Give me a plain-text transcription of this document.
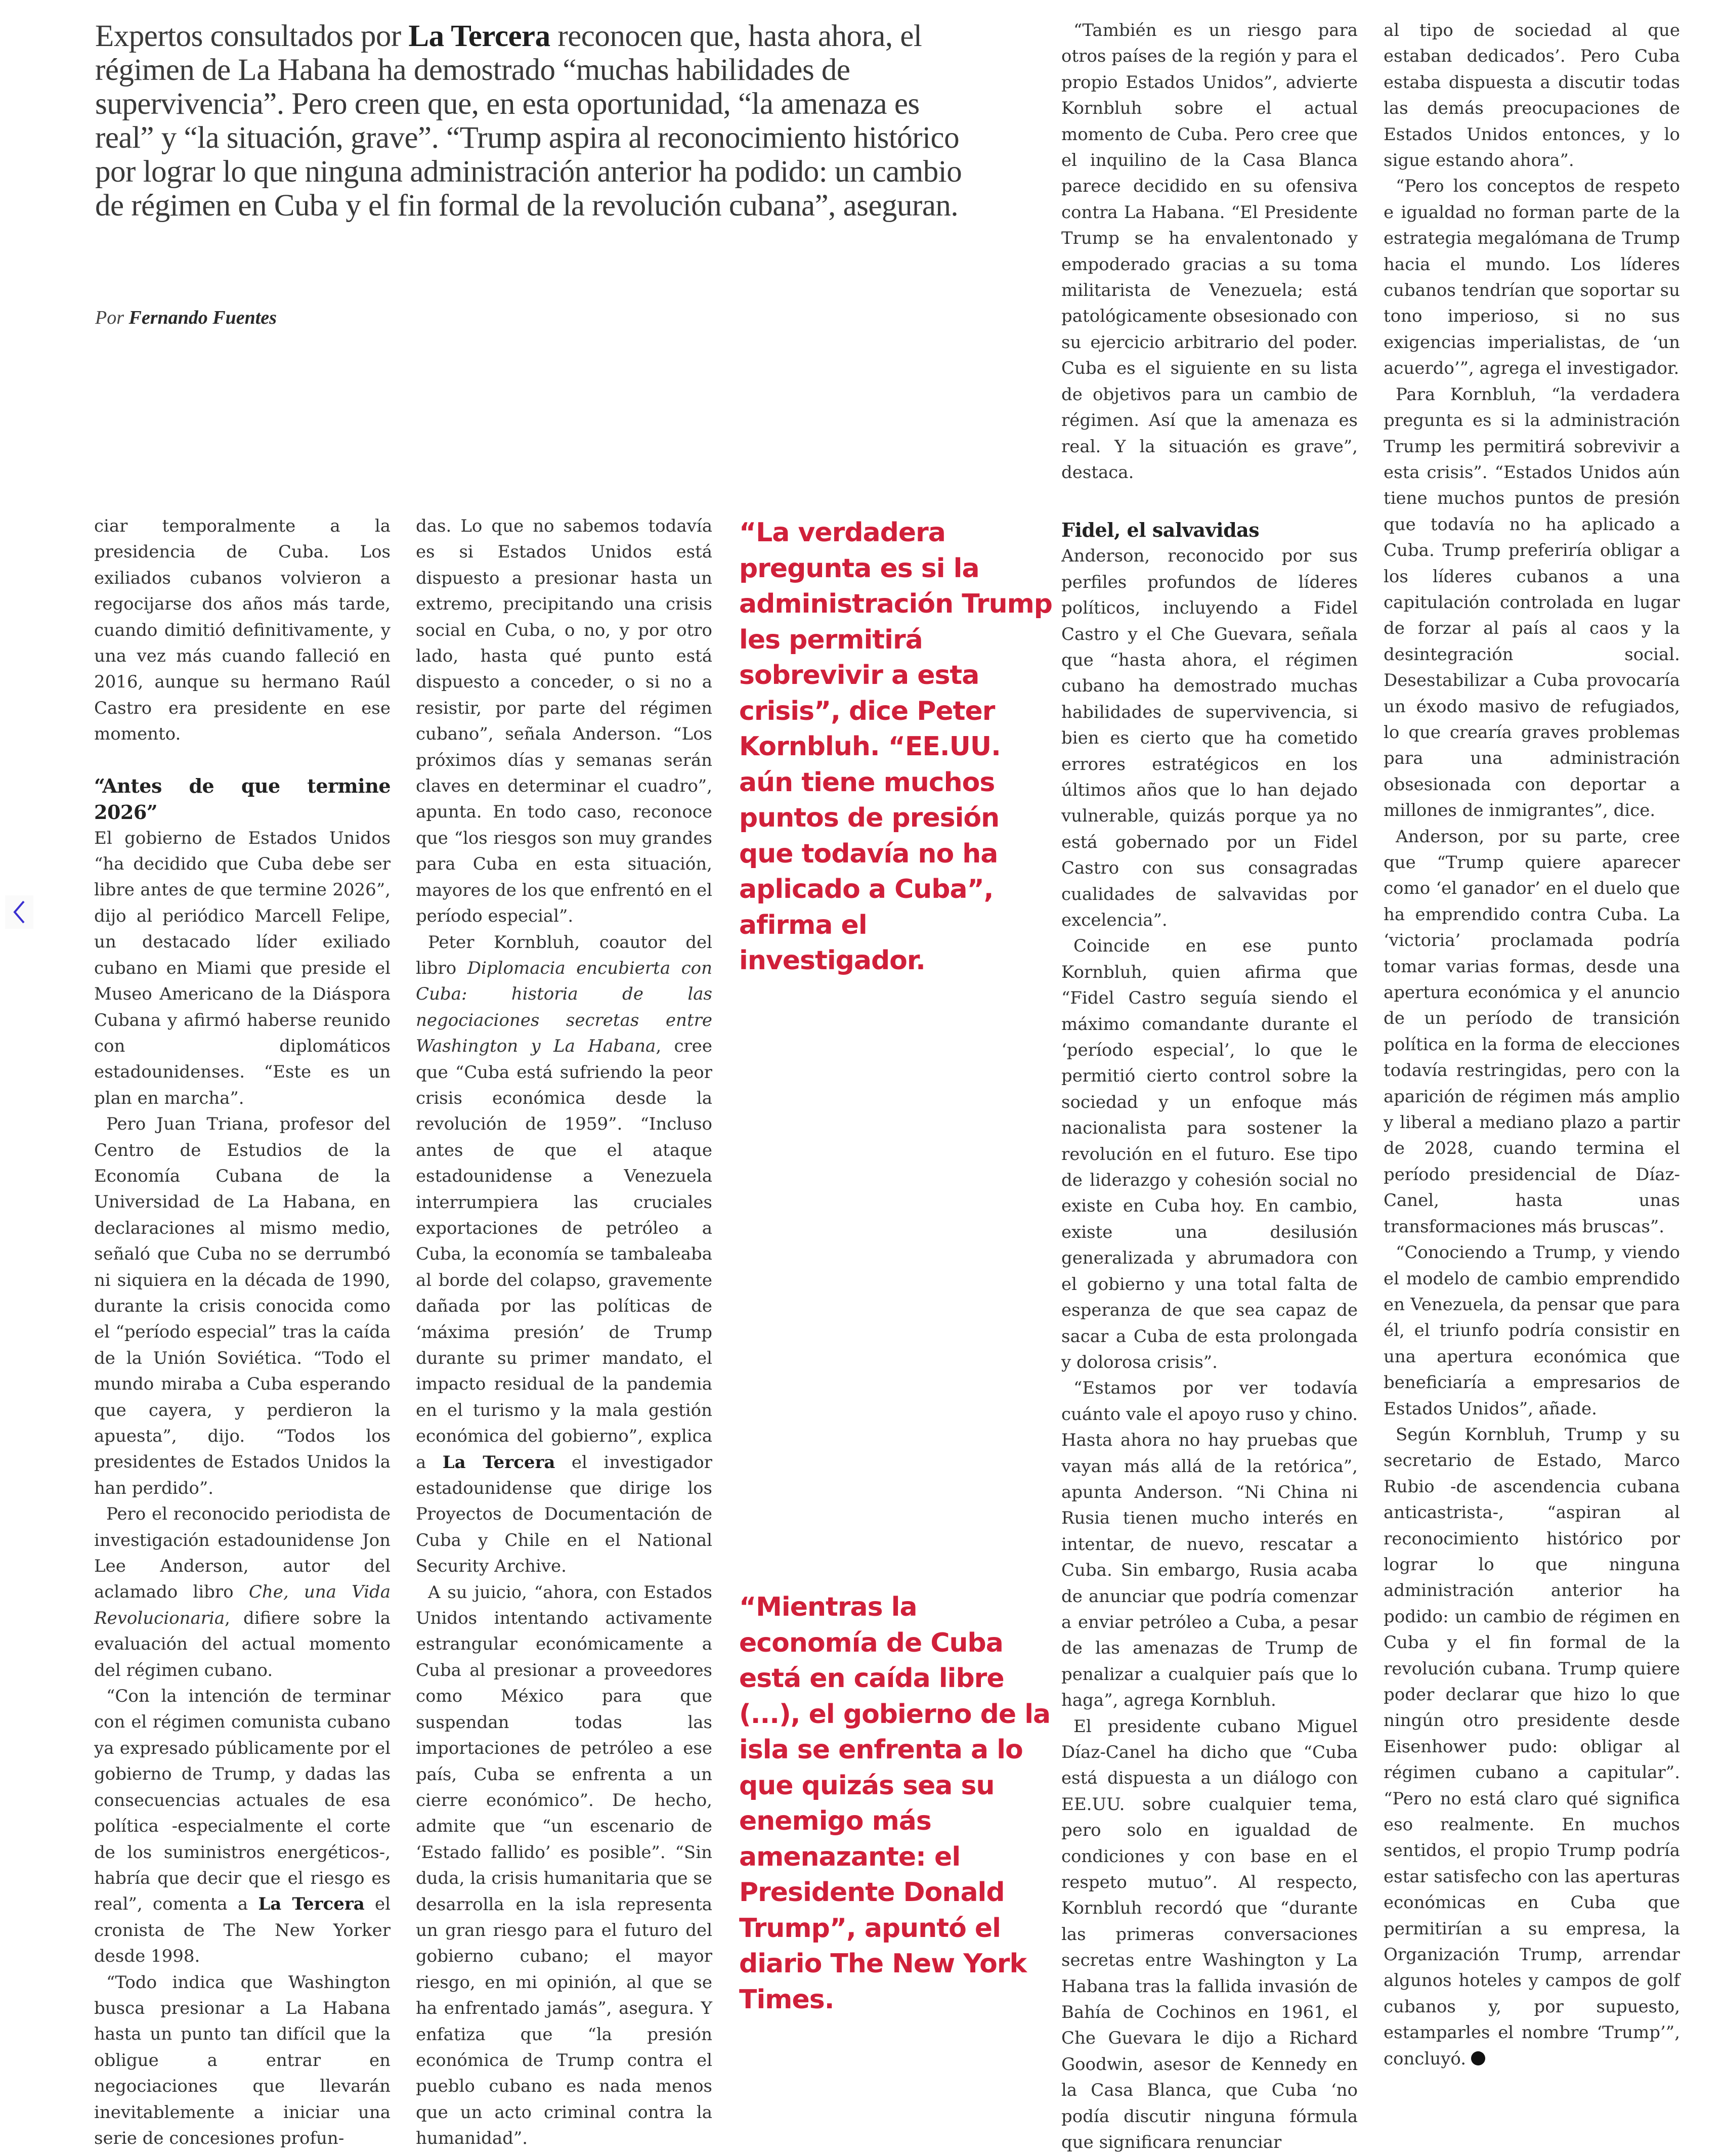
Expertos consultados por La Tercera reconocen que, hasta ahora, el régimen de La Habana ha demostrado “muchas habilidades de supervivencia”. Pero creen que, en esta oportunidad, “la amenaza es real” y “la situación, grave”. “Trump aspira al reconocimiento histórico por lograr lo que ninguna administración anterior ha podido: un cambio de régimen en Cuba y el fin formal de la revolución cubana”, aseguran.
Por Fernando Fuentes

ciar temporalmente a la presidencia de Cuba. Los exiliados cubanos volvieron a regocijarse dos años más tarde, cuando dimitió definitivamente, y una vez más cuando falleció en 2016, aunque su hermano Raúl Castro era presidente en ese momento.

“Antes de que termine 2026”

El gobierno de Estados Unidos “ha decidido que Cuba debe ser libre antes de que termine 2026”, dijo al periódico Marcell Felipe, un destacado líder exiliado cubano en Miami que preside el Museo Americano de la Diáspora Cubana y afirmó haberse reunido con diplomáticos estadounidenses. “Este es un plan en marcha”.

Pero Juan Triana, profesor del Centro de Estudios de la Economía Cubana de la Universidad de La Habana, en declaraciones al mismo medio, señaló que Cuba no se derrumbó ni siquiera en la década de 1990, durante la crisis conocida como el “período especial” tras la caída de la Unión Soviética. “Todo el mundo miraba a Cuba esperando que cayera, y perdieron la apuesta”, dijo. “Todos los presidentes de Estados Unidos la han perdido”.

Pero el reconocido periodista de investigación estadounidense Jon Lee Anderson, autor del aclamado libro Che, una Vida Revolucionaria, difiere sobre la evaluación del actual momento del régimen cubano.

“Con la intención de terminar con el régimen comunista cubano ya expresado públicamente por el gobierno de Trump, y dadas las consecuencias actuales de esa política -especialmente el corte de los suministros energéticos-, habría que decir que el riesgo es real”, comenta a La Tercera el cronista de The New Yorker desde 1998.

“Todo indica que Washington busca presionar a La Habana hasta un punto tan difícil que la obligue a entrar en negociaciones que llevarán inevitablemente a iniciar una serie de concesiones profun-

das. Lo que no sabemos todavía es si Estados Unidos está dispuesto a presionar hasta un extremo, precipitando una crisis social en Cuba, o no, y por otro lado, hasta qué punto está dispuesto a conceder, o si no a resistir, por parte del régimen cubano”, señala Anderson. “Los próximos días y semanas serán claves en determinar el cuadro”, apunta. En todo caso, reconoce que “los riesgos son muy grandes para Cuba en esta situación, mayores de los que enfrentó en el período especial”.

Peter Kornbluh, coautor del libro Diplomacia encubierta con Cuba: historia de las negociaciones secretas entre Washington y La Habana, cree que “Cuba está sufriendo la peor crisis económica desde la revolución de 1959”. “Incluso antes de que el ataque estadounidense a Venezuela interrumpiera las cruciales exportaciones de petróleo a Cuba, la economía se tambaleaba al borde del colapso, gravemente dañada por las políticas de ‘máxima presión’ de Trump durante su primer mandato, el impacto residual de la pandemia en el turismo y la mala gestión económica del gobierno”, explica a La Tercera el investigador estadounidense que dirige los Proyectos de Documentación de Cuba y Chile en el National Security Archive.

A su juicio, “ahora, con Estados Unidos intentando activamente estrangular económicamente a Cuba al presionar a proveedores como México para que suspendan todas las importaciones de petróleo a ese país, Cuba se enfrenta a un cierre económico”. De hecho, admite que “un escenario de ‘Estado fallido’ es posible”. “Sin duda, la crisis humanitaria que se desarrolla en la isla representa un gran riesgo para el futuro del gobierno cubano; el mayor riesgo, en mi opinión, al que se ha enfrentado jamás”, asegura. Y enfatiza que “la presión económica de Trump contra el pueblo cubano es nada menos que un acto criminal contra la humanidad”.

“La verdadera pregunta es si la administración Trump les permitirá sobrevivir a esta crisis”, dice Peter Kornbluh. “EE.UU. aún tiene muchos puntos de presión que todavía no ha aplicado a Cuba”, afirma el investigador.
“Mientras la economía de Cuba está en caída libre (...), el gobierno de la isla se enfrenta a lo que quizás sea su enemigo más amenazante: el Presidente Donald Trump”, apuntó el diario The New York Times.

“También es un riesgo para otros países de la región y para el propio Estados Unidos”, advierte Kornbluh sobre el actual momento de Cuba. Pero cree que el inquilino de la Casa Blanca parece decidido en su ofensiva contra La Habana. “El Presidente Trump se ha envalentonado y empoderado gracias a su toma militarista de Venezuela; está patológicamente obsesionado con su ejercicio arbitrario del poder. Cuba es el siguiente en su lista de objetivos para un cambio de régimen. Así que la amenaza es real. Y la situación es grave”, destaca.

Fidel, el salvavidas

Anderson, reconocido por sus perfiles profundos de líderes políticos, incluyendo a Fidel Castro y el Che Guevara, señala que “hasta ahora, el régimen cubano ha demostrado muchas habilidades de supervivencia, si bien es cierto que ha cometido errores estratégicos en los últimos años que lo han dejado vulnerable, quizás porque ya no está gobernado por un Fidel Castro con sus consagradas cualidades de salvavidas por excelencia”.

Coincide en ese punto Kornbluh, quien afirma que “Fidel Castro seguía siendo el máximo comandante durante el ‘período especial’, lo que le permitió cierto control sobre la sociedad y un enfoque más nacionalista para sostener la revolución en el futuro. Ese tipo de liderazgo y cohesión social no existe en Cuba hoy. En cambio, existe una desilusión generalizada y abrumadora con el gobierno y una total falta de esperanza de que sea capaz de sacar a Cuba de esta prolongada y dolorosa crisis”.

“Estamos por ver todavía cuánto vale el apoyo ruso y chino. Hasta ahora no hay pruebas que vayan más allá de la retórica”, apunta Anderson. “Ni China ni Rusia tienen mucho interés en intentar, de nuevo, rescatar a Cuba. Sin embargo, Rusia acaba de anunciar que podría comenzar a enviar petróleo a Cuba, a pesar de las amenazas de Trump de penalizar a cualquier país que lo haga”, agrega Kornbluh.

El presidente cubano Miguel Díaz-Canel ha dicho que “Cuba está dispuesta a un diálogo con EE.UU. sobre cualquier tema, pero solo en igualdad de condiciones y con base en el respeto mutuo”. Al respecto, Kornbluh recordó que “durante las primeras conversaciones secretas entre Washington y La Habana tras la fallida invasión de Bahía de Cochinos en 1961, el Che Guevara le dijo a Richard Goodwin, asesor de Kennedy en la Casa Blanca, que Cuba ‘no podía discutir ninguna fórmula que significara renunciar

al tipo de sociedad al que estaban dedicados’. Pero Cuba estaba dispuesta a discutir todas las demás preocupaciones de Estados Unidos entonces, y lo sigue estando ahora”.

“Pero los conceptos de respeto e igualdad no forman parte de la estrategia megalómana de Trump hacia el mundo. Los líderes cubanos tendrían que soportar su tono imperioso, si no sus exigencias imperialistas, de ‘un acuerdo’”, agrega el investigador.

Para Kornbluh, “la verdadera pregunta es si la administración Trump les permitirá sobrevivir a esta crisis”. “Estados Unidos aún tiene muchos puntos de presión que todavía no ha aplicado a Cuba. Trump preferiría obligar a los líderes cubanos a una capitulación controlada en lugar de forzar al país al caos y la desintegración social. Desestabilizar a Cuba provocaría un éxodo masivo de refugiados, lo que crearía graves problemas para una administración obsesionada con deportar a millones de inmigrantes”, dice.

Anderson, por su parte, cree que “Trump quiere aparecer como ‘el ganador’ en el duelo que ha emprendido contra Cuba. La ‘victoria’ proclamada podría tomar varias formas, desde una apertura económica y el anuncio de un período de transición política en la forma de elecciones todavía restringidas, pero con la aparición de régimen más amplio y liberal a mediano plazo a partir de 2028, cuando termina el período presidencial de Díaz-Canel, hasta unas transformaciones más bruscas”.

“Conociendo a Trump, y viendo el modelo de cambio emprendido en Venezuela, da pensar que para él, el triunfo podría consistir en una apertura económica que beneficiaría a empresarios de Estados Unidos”, añade.

Según Kornbluh, Trump y su secretario de Estado, Marco Rubio -de ascendencia cubana anticastrista-, “aspiran al reconocimiento histórico por lograr lo que ninguna administración anterior ha podido: un cambio de régimen en Cuba y el fin formal de la revolución cubana. Trump quiere poder declarar que hizo lo que ningún otro presidente desde Eisenhower pudo: obligar al régimen cubano a capitular”. “Pero no está claro qué significa eso realmente. En muchos sentidos, el propio Trump podría estar satisfecho con las aperturas económicas en Cuba que permitirían a su empresa, la Organización Trump, arrendar algunos hoteles y campos de golf cubanos y, por supuesto, estamparles el nombre ‘Trump’”, concluyó.
